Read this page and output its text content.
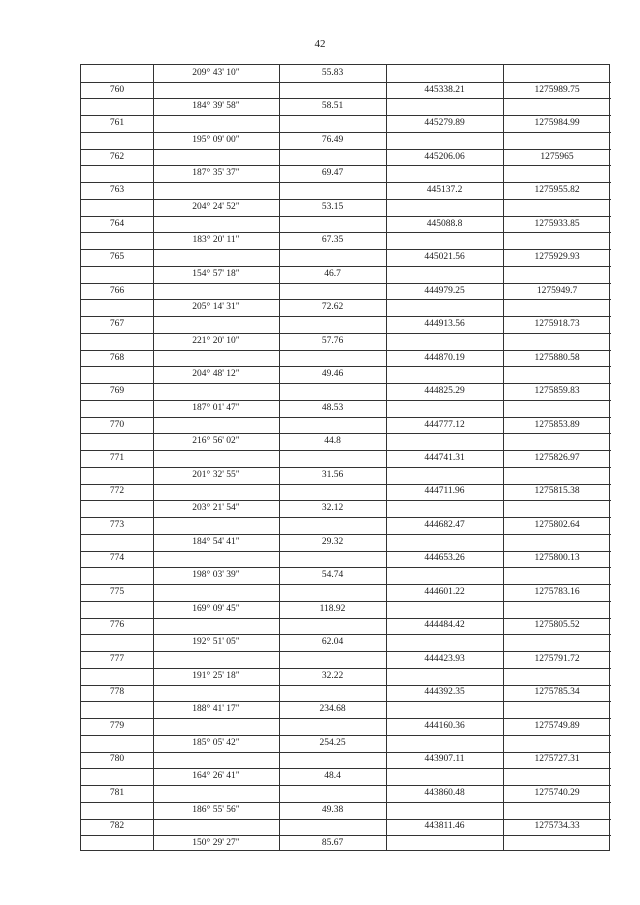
42
209° 43' 10"	55.83
760	445338.21	1275989.75
184° 39' 58"	58.51
761	445279.89	1275984.99
195° 09' 00"	76.49
762	445206.06	1275965
187° 35' 37"	69.47
763	445137.2	1275955.82
204° 24' 52"	53.15
764	445088.8	1275933.85
183° 20' 11"	67.35
765	445021.56	1275929.93
154° 57' 18"	46.7
766	444979.25	1275949.7
205° 14' 31"	72.62
767	444913.56	1275918.73
221° 20' 10"	57.76
768	444870.19	1275880.58
204° 48' 12"	49.46
769	444825.29	1275859.83
187° 01' 47"	48.53
770	444777.12	1275853.89
216° 56' 02"	44.8
771	444741.31	1275826.97
201° 32' 55"	31.56
772	444711.96	1275815.38
203° 21' 54"	32.12
773	444682.47	1275802.64
184° 54' 41"	29.32
774	444653.26	1275800.13
198° 03' 39"	54.74
775	444601.22	1275783.16
169° 09' 45"	118.92
776	444484.42	1275805.52
192° 51' 05"	62.04
777	444423.93	1275791.72
191° 25' 18"	32.22
778	444392.35	1275785.34
188° 41' 17"	234.68
779	444160.36	1275749.89
185° 05' 42"	254.25
780	443907.11	1275727.31
164° 26' 41"	48.4
781	443860.48	1275740.29
186° 55' 56"	49.38
782	443811.46	1275734.33
150° 29' 27"	85.67
